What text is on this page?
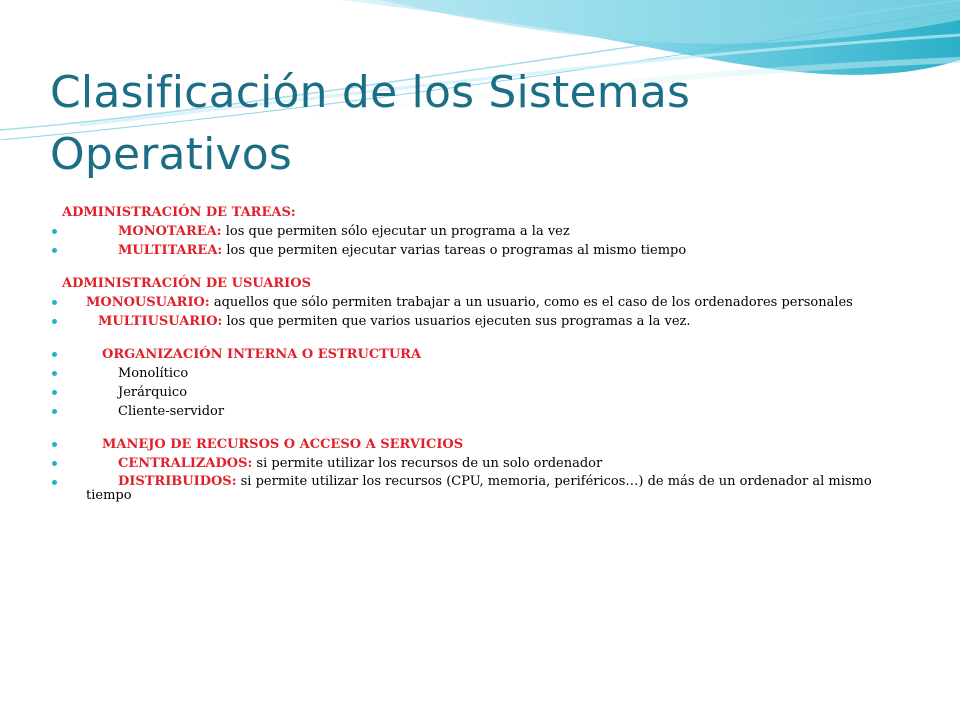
Clasificación de los Sistemas
Operativos
ADMINISTRACIÓN DE TAREAS:
MONOTAREA: los que permiten sólo ejecutar un programa a la vez
MULTITAREA: los que permiten ejecutar varias tareas o programas al mismo tiempo
ADMINISTRACIÓN DE USUARIOS
MONOUSUARIO: aquellos que sólo permiten trabajar a un usuario, como es el caso de los ordenadores personales
MULTIUSUARIO: los que permiten que varios usuarios ejecuten sus programas a la vez.
ORGANIZACIÓN INTERNA O ESTRUCTURA
Monolítico
Jerárquico
Cliente-servidor
MANEJO DE RECURSOS O ACCESO A SERVICIOS
CENTRALIZADOS: si permite utilizar los recursos de un solo ordenador
DISTRIBUIDOS: si permite utilizar los recursos (CPU, memoria, periféricos…) de más de un ordenador al mismo tiempo
